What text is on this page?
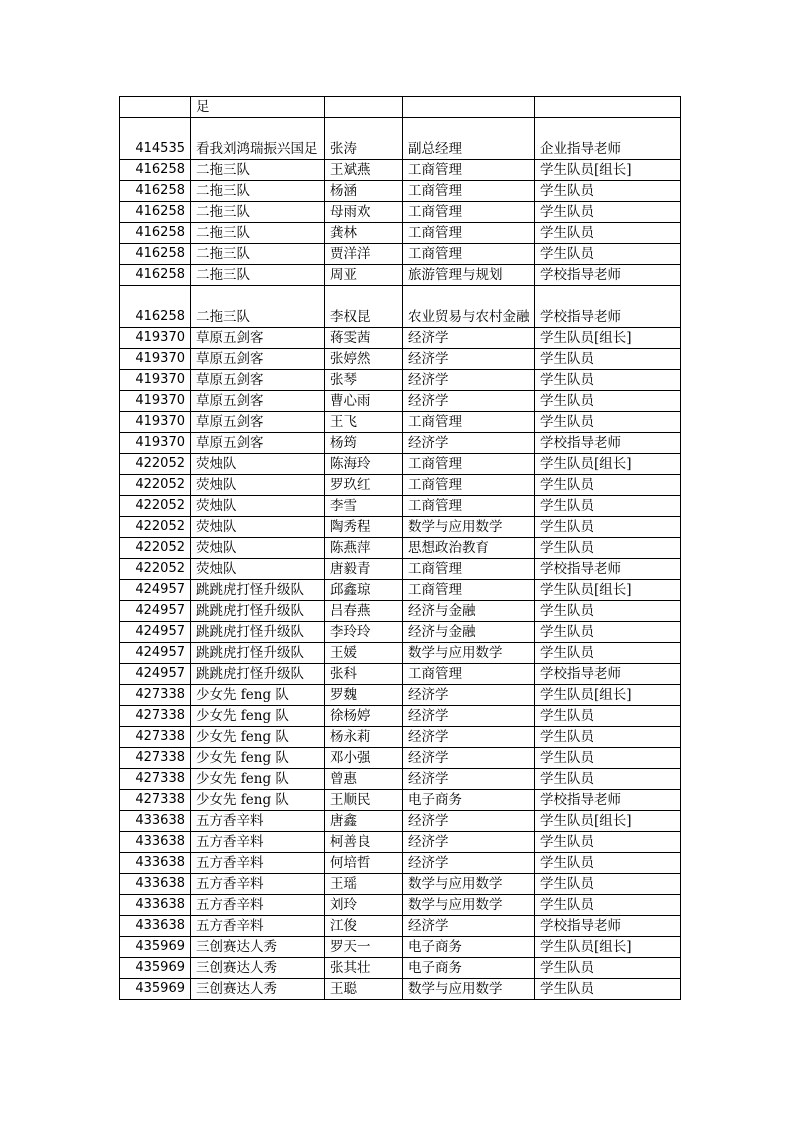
	足			
414535	看我刘鸿瑞振兴国足	张涛	副总经理	企业指导老师
416258	二拖三队	王斌燕	工商管理	学生队员[组长]
416258	二拖三队	杨涵	工商管理	学生队员
416258	二拖三队	母雨欢	工商管理	学生队员
416258	二拖三队	龚林	工商管理	学生队员
416258	二拖三队	贾洋洋	工商管理	学生队员
416258	二拖三队	周亚	旅游管理与规划	学校指导老师
416258	二拖三队	李权昆	农业贸易与农村金融	学校指导老师
419370	草原五剑客	蒋雯茜	经济学	学生队员[组长]
419370	草原五剑客	张婷然	经济学	学生队员
419370	草原五剑客	张琴	经济学	学生队员
419370	草原五剑客	曹心雨	经济学	学生队员
419370	草原五剑客	王飞	工商管理	学生队员
419370	草原五剑客	杨筠	经济学	学校指导老师
422052	荧烛队	陈海玲	工商管理	学生队员[组长]
422052	荧烛队	罗玖红	工商管理	学生队员
422052	荧烛队	李雪	工商管理	学生队员
422052	荧烛队	陶秀程	数学与应用数学	学生队员
422052	荧烛队	陈燕萍	思想政治教育	学生队员
422052	荧烛队	唐毅青	工商管理	学校指导老师
424957	跳跳虎打怪升级队	邱鑫琼	工商管理	学生队员[组长]
424957	跳跳虎打怪升级队	吕春燕	经济与金融	学生队员
424957	跳跳虎打怪升级队	李玲玲	经济与金融	学生队员
424957	跳跳虎打怪升级队	王媛	数学与应用数学	学生队员
424957	跳跳虎打怪升级队	张科	工商管理	学校指导老师
427338	少女先 feng 队	罗魏	经济学	学生队员[组长]
427338	少女先 feng 队	徐杨婷	经济学	学生队员
427338	少女先 feng 队	杨永莉	经济学	学生队员
427338	少女先 feng 队	邓小强	经济学	学生队员
427338	少女先 feng 队	曾惠	经济学	学生队员
427338	少女先 feng 队	王顺民	电子商务	学校指导老师
433638	五方香辛料	唐鑫	经济学	学生队员[组长]
433638	五方香辛料	柯善良	经济学	学生队员
433638	五方香辛料	何培哲	经济学	学生队员
433638	五方香辛料	王瑶	数学与应用数学	学生队员
433638	五方香辛料	刘玲	数学与应用数学	学生队员
433638	五方香辛料	江俊	经济学	学校指导老师
435969	三创赛达人秀	罗天一	电子商务	学生队员[组长]
435969	三创赛达人秀	张其壮	电子商务	学生队员
435969	三创赛达人秀	王聪	数学与应用数学	学生队员
